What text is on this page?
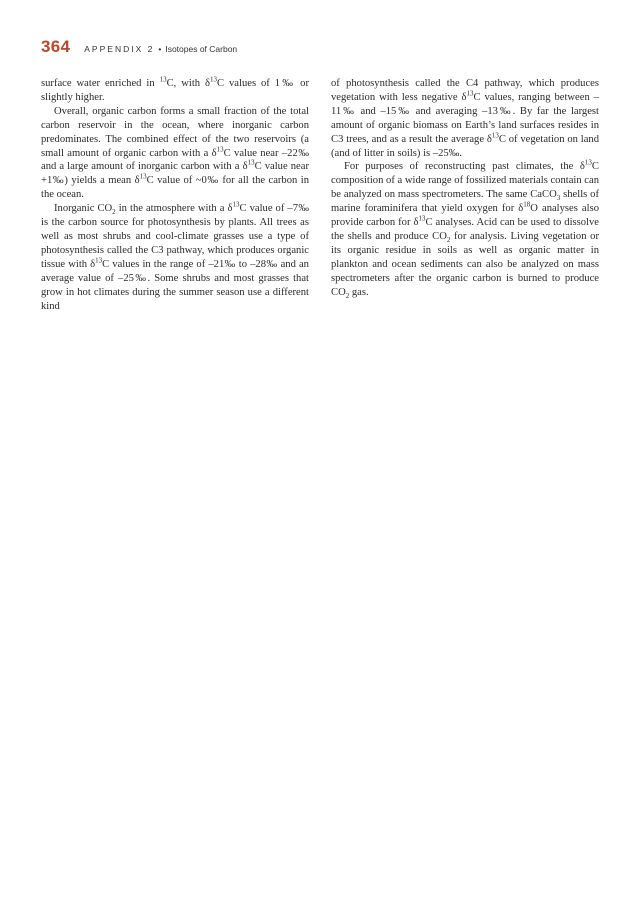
364 APPENDIX 2 • Isotopes of Carbon

surface water enriched in $^{13}$C, with $\delta^{13}C$ values of 1‰ or slightly higher.

Overall, organic carbon forms a small fraction of the total carbon reservoir in the ocean, where inorganic carbon predominates. The combined effect of the two reservoirs (a small amount of organic carbon with a $\delta^{13}C$ value near –22‰ and a large amount of inorganic carbon with a $\delta^{13}C$ value near +1‰) yields a mean $\delta^{13}C$ value of ~0‰ for all the carbon in the ocean.

Inorganic $CO_2$ in the atmosphere with a $\delta^{13}C$ value of –7‰ is the carbon source for photosynthesis by plants. All trees as well as most shrubs and cool-climate grasses use a type of photosynthesis called the C3 pathway, which produces organic tissue with $\delta^{13}C$ values in the range of –21‰ to –28‰ and an average value of –25‰. Some shrubs and most grasses that grow in hot climates during the summer season use a different kind

of photosynthesis called the C4 pathway, which produces vegetation with less negative $\delta^{13}C$ values, ranging between –11‰ and –15‰ and averaging –13‰. By far the largest amount of organic biomass on Earth’s land surfaces resides in C3 trees, and as a result the average $\delta^{13}C$ of vegetation on land (and of litter in soils) is –25‰.

For purposes of reconstructing past climates, the $\delta^{13}C$ composition of a wide range of fossilized materials contain can be analyzed on mass spectrometers. The same CaCO$_3$ shells of marine foraminifera that yield oxygen for $\delta^{18}O$ analyses also provide carbon for $\delta^{13}C$ analyses. Acid can be used to dissolve the shells and produce $CO_2$ for analysis. Living vegetation or its organic residue in soils as well as organic matter in plankton and ocean sediments can also be analyzed on mass spectrometers after the organic carbon is burned to produce $CO_2$ gas.
